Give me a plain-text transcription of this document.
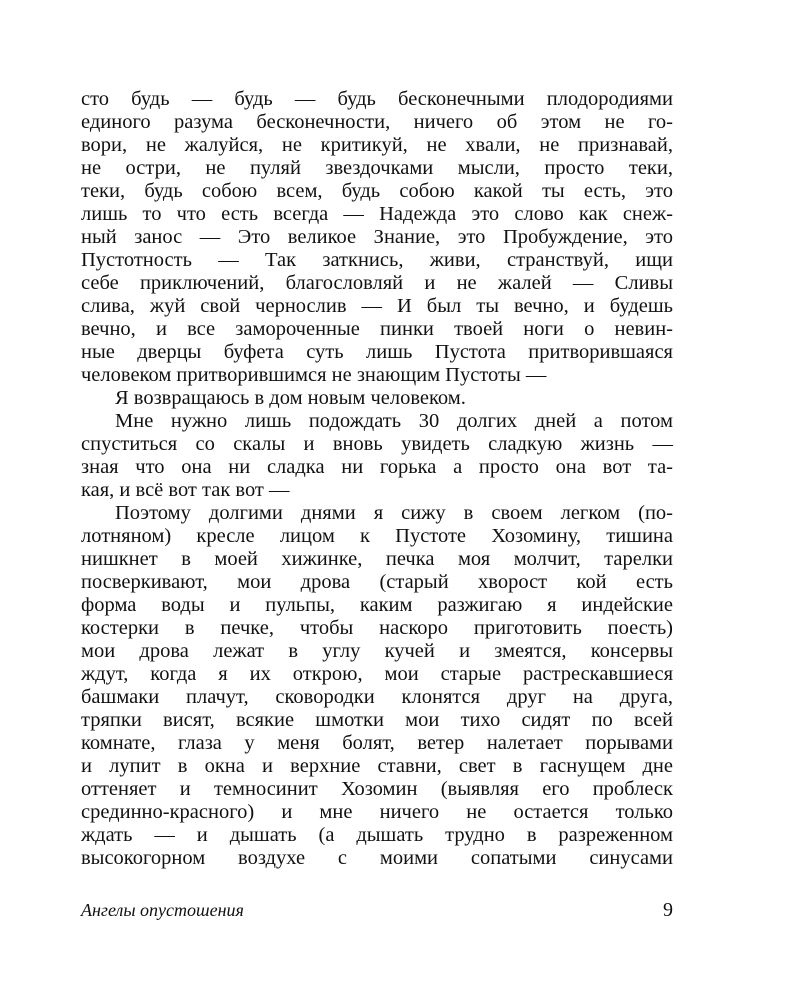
сто будь — будь — будь бесконечными плодородиями
единого разума бесконечности, ничего об этом не го-
вори, не жалуйся, не критикуй, не хвали, не признавай,
не остри, не пуляй звездочками мысли, просто теки,
теки, будь собою всем, будь собою какой ты есть, это
лишь то что есть всегда — Надежда это слово как снеж-
ный занос — Это великое Знание, это Пробуждение, это
Пустотность — Так заткнись, живи, странствуй, ищи
себе приключений, благословляй и не жалей — Сливы
слива, жуй свой чернослив — И был ты вечно, и будешь
вечно, и все замороченные пинки твоей ноги о невин-
ные дверцы буфета суть лишь Пустота притворившаяся
человеком притворившимся не знающим Пустоты —
Я возвращаюсь в дом новым человеком.
Мне нужно лишь подождать 30 долгих дней а потом
спуститься со скалы и вновь увидеть сладкую жизнь —
зная что она ни сладка ни горька а просто она вот та-
кая, и всё вот так вот —
Поэтому долгими днями я сижу в своем легком (по-
лотняном) кресле лицом к Пустоте Хозомину, тишина
нишкнет в моей хижинке, печка моя молчит, тарелки
посверкивают, мои дрова (старый хворост кой есть
форма воды и пульпы, каким разжигаю я индейские
костерки в печке, чтобы наскоро приготовить поесть)
мои дрова лежат в углу кучей и змеятся, консервы
ждут, когда я их открою, мои старые растрескавшиеся
башмаки плачут, сковородки клонятся друг на друга,
тряпки висят, всякие шмотки мои тихо сидят по всей
комнате, глаза у меня болят, ветер налетает порывами
и лупит в окна и верхние ставни, свет в гаснущем дне
оттеняет и темносинит Хозомин (выявляя его проблеск
срединно-красного) и мне ничего не остается только
ждать — и дышать (а дышать трудно в разреженном
высокогорном воздухе с моими сопатыми синусами
Ангелы опустошения	9
